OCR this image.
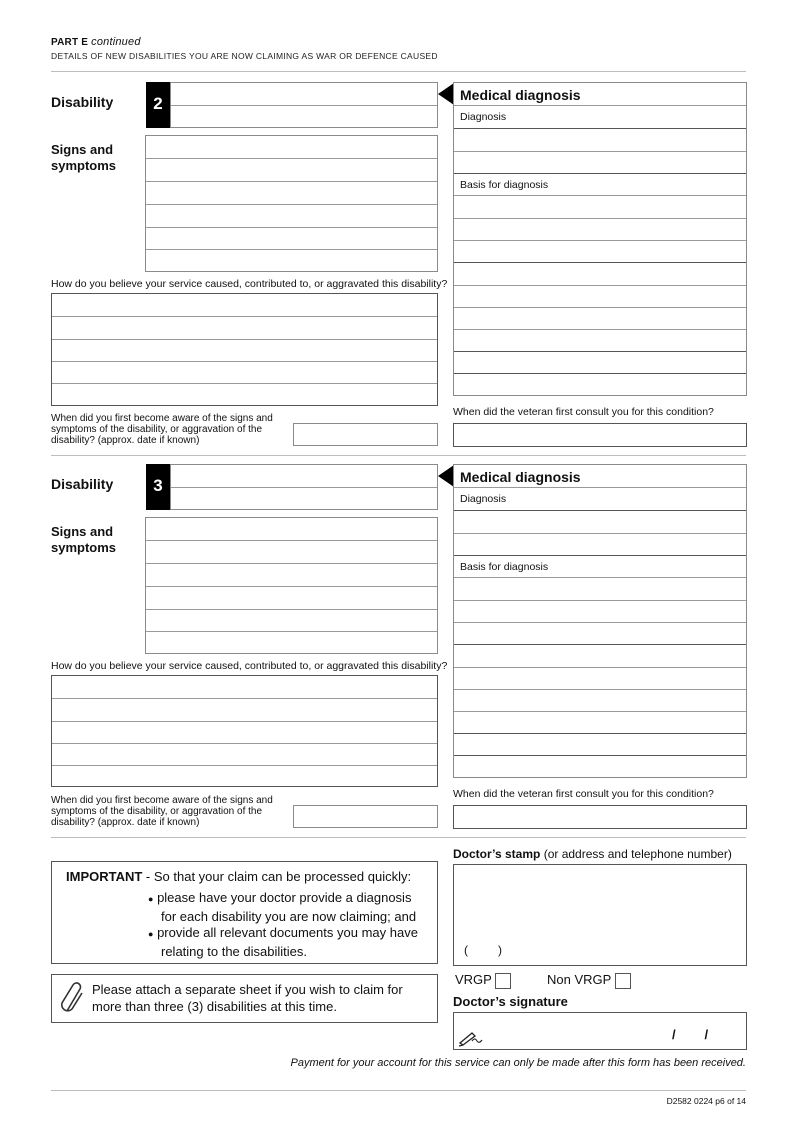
PART E continued
DETAILS OF NEW DISABILITIES YOU ARE NOW CLAIMING AS WAR OR DEFENCE CAUSED
Disability	2
Signs and
symptoms
How do you believe your service caused, contributed to, or aggravated this disability?
When did you first become aware of the signs and
symptoms of the disability, or aggravation of the
disability? (approx. date if known)
Medical diagnosis
Diagnosis
Basis for diagnosis
When did the veteran first consult you for this condition?
Disability	3
Signs and
symptoms
How do you believe your service caused, contributed to, or aggravated this disability?
When did you first become aware of the signs and
symptoms of the disability, or aggravation of the
disability? (approx. date if known)
Medical diagnosis
Diagnosis
Basis for diagnosis
When did the veteran first consult you for this condition?
IMPORTANT - So that your claim can be processed quickly:
● please have your doctor provide a diagnosis
for each disability you are now claiming; and
● provide all relevant documents you may have
relating to the disabilities.
Please attach a separate sheet if you wish to claim for
more than three (3) disabilities at this time.
Doctor’s stamp (or address and telephone number)
(         )
VRGP	Non VRGP
Doctor’s signature
/        /
Payment for your account for this service can only be made after this form has been received.
D2582 0224 p6 of 14
